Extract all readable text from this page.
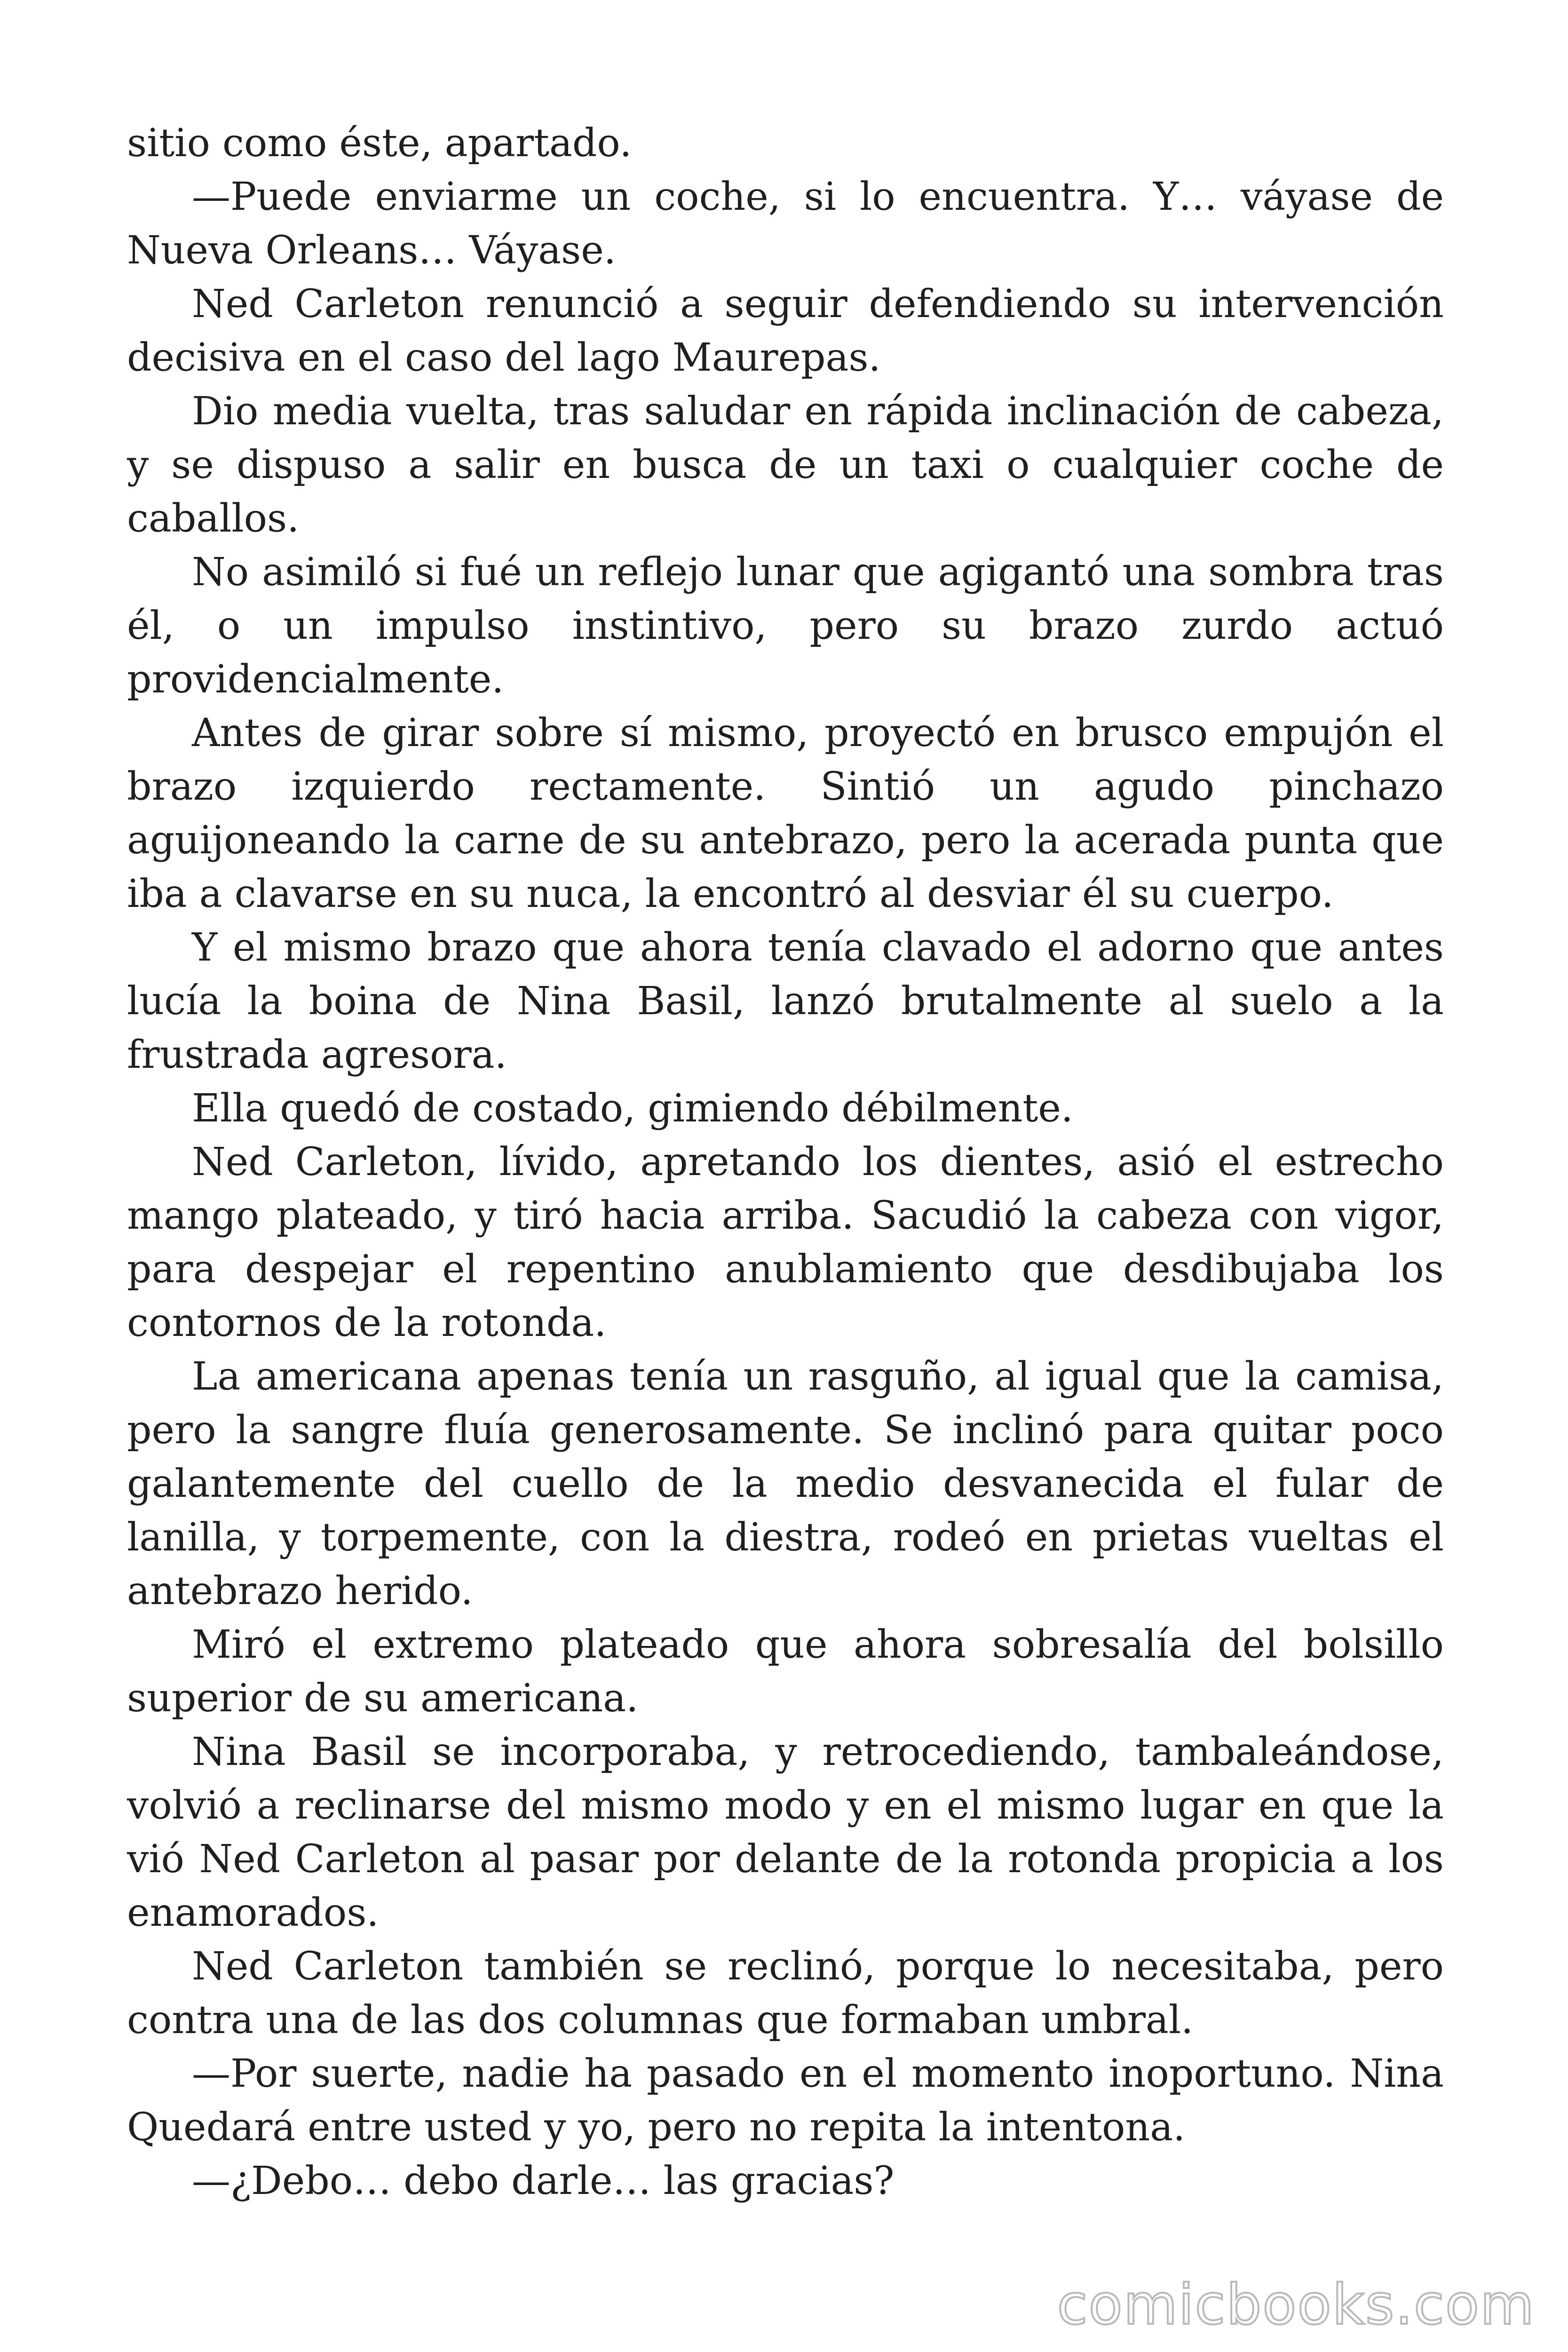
sitio como éste, apartado.

—Puede enviarme un coche, si lo encuentra. Y… váyase de Nueva Orleans… Váyase.

Ned Carleton renunció a seguir defendiendo su intervención decisiva en el caso del lago Maurepas.

Dio media vuelta, tras saludar en rápida inclinación de cabeza, y se dispuso a salir en busca de un taxi o cualquier coche de caballos.

No asimiló si fué un reflejo lunar que agigantó una sombra tras él, o un impulso instintivo, pero su brazo zurdo actuó providencialmente.

Antes de girar sobre sí mismo, proyectó en brusco empujón el brazo izquierdo rectamente. Sintió un agudo pinchazo aguijoneando la carne de su antebrazo, pero la acerada punta que iba a clavarse en su nuca, la encontró al desviar él su cuerpo.

Y el mismo brazo que ahora tenía clavado el adorno que antes lucía la boina de Nina Basil, lanzó brutalmente al suelo a la frustrada agresora.

Ella quedó de costado, gimiendo débilmente.

Ned Carleton, lívido, apretando los dientes, asió el estrecho mango plateado, y tiró hacia arriba. Sacudió la cabeza con vigor, para despejar el repentino anublamiento que desdibujaba los contornos de la rotonda.

La americana apenas tenía un rasguño, al igual que la camisa, pero la sangre fluía generosamente. Se inclinó para quitar poco galantemente del cuello de la medio desvanecida el fular de lanilla, y torpemente, con la diestra, rodeó en prietas vueltas el antebrazo herido.

Miró el extremo plateado que ahora sobresalía del bolsillo superior de su americana.

Nina Basil se incorporaba, y retrocediendo, tambaleándose, volvió a reclinarse del mismo modo y en el mismo lugar en que la vió Ned Carleton al pasar por delante de la rotonda propicia a los enamorados.

Ned Carleton también se reclinó, porque lo necesitaba, pero contra una de las dos columnas que formaban umbral.

—Por suerte, nadie ha pasado en el momento inoportuno. Nina Quedará entre usted y yo, pero no repita la intentona.

—¿Debo… debo darle… las gracias?

comicbooks.com
